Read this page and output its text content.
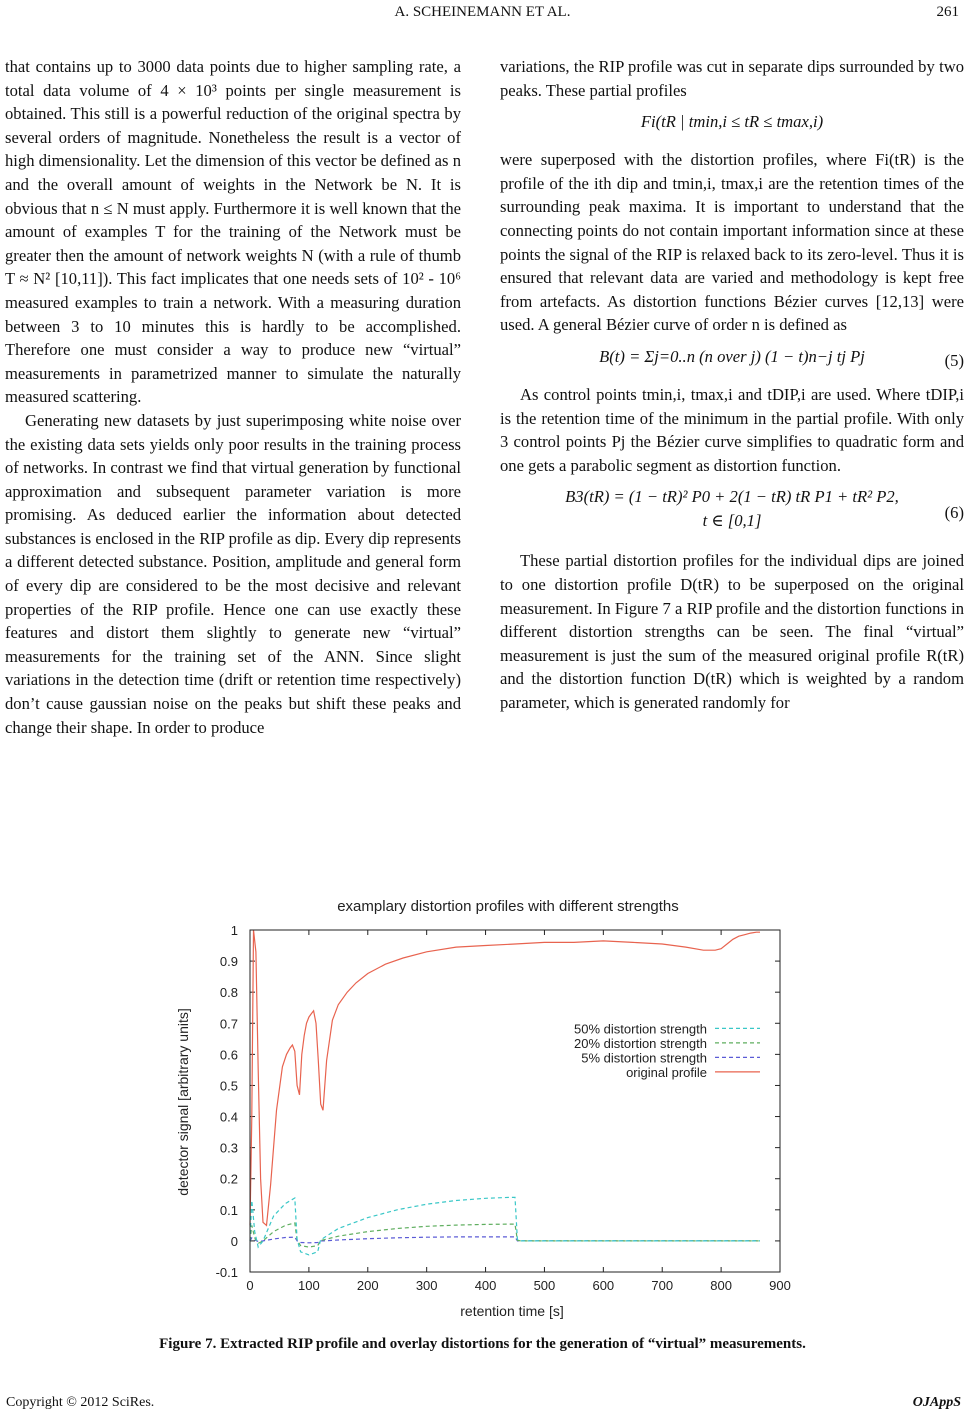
A. SCHEINEMANN ET AL.	261

that contains up to 3000 data points due to higher sampling rate, a total data volume of 4 × 10³ points per single measurement is obtained. This still is a powerful reduction of the original spectra by several orders of magnitude. Nonetheless the result is a vector of high dimensionality. Let the dimension of this vector be defined as n and the overall amount of weights in the Network be N. It is obvious that n ≤ N must apply. Furthermore it is well known that the amount of examples T for the training of the Network must be greater then the amount of network weights N (with a rule of thumb T ≈ N² [10,11]). This fact implicates that one needs sets of 10² - 10⁶ measured examples to train a network. With a measuring duration between 3 to 10 minutes this is hardly to be accomplished. Therefore one must consider a way to produce new “virtual” measurements in parametrized manner to simulate the naturally measured scattering.

Generating new datasets by just superimposing white noise over the existing data sets yields only poor results in the training process of networks. In contrast we find that virtual generation by functional approximation and subsequent parameter variation is more promising. As deduced earlier the information about detected substances is enclosed in the RIP profile as dip. Every dip represents a different detected substance. Position, amplitude and general form of every dip are considered to be the most decisive and relevant properties of the RIP profile. Hence one can use exactly these features and distort them slightly to generate new “virtual” measurements for the training set of the ANN. Since slight variations in the detection time (drift or retention time respectively) don’t cause gaussian noise on the peaks but shift these peaks and change their shape. In order to produce

variations, the RIP profile was cut in separate dips surrounded by two peaks. These partial profiles

Fi(tR | tmin,i ≤ tR ≤ tmax,i)

were superposed with the distortion profiles, where Fi(tR) is the profile of the ith dip and tmin,i, tmax,i are the retention times of the surrounding peak maxima. It is important to understand that the connecting points do not contain important information since at these points the signal of the RIP is relaxed back to its zero-level. Thus it is ensured that relevant data are varied and methodology is kept free from artefacts. As distortion functions Bézier curves [12,13] were used. A general Bézier curve of order n is defined as

B(t) = Σj=0..n (n over j) (1 − t)n−j tj Pj	(5)

As control points tmin,i, tmax,i and tDIP,i are used. Where tDIP,i is the retention time of the minimum in the partial profile. With only 3 control points Pj the Bézier curve simplifies to quadratic form and one gets a parabolic segment as distortion function.

B3(tR) = (1 − tR)² P0 + 2(1 − tR) tR P1 + tR² P2,
t ∈ [0,1]	(6)

These partial distortion profiles for the individual dips are joined to one distortion profile D(tR) to be superposed on the original measurement. In Figure 7 a RIP profile and the distortion functions in different distortion strengths can be seen. The final “virtual” measurement is just the sum of the measured original profile R(tR) and the distortion function D(tR) which is weighted by a random parameter, which is generated randomly for

examplary distortion profiles with different strengths
detector signal [arbitrary units]
retention time [s]
0	100	200	300	400	500	600	700	800	900
-0.1
0
0.1
0.2
0.3
0.4
0.5
0.6
0.7
0.8
0.9
1
original profile
5% distortion strength
20% distortion strength
50% distortion strength
Figure 7. Extracted RIP profile and overlay distortions for the generation of “virtual” measurements.
Copyright © 2012 SciRes.	OJAppS
